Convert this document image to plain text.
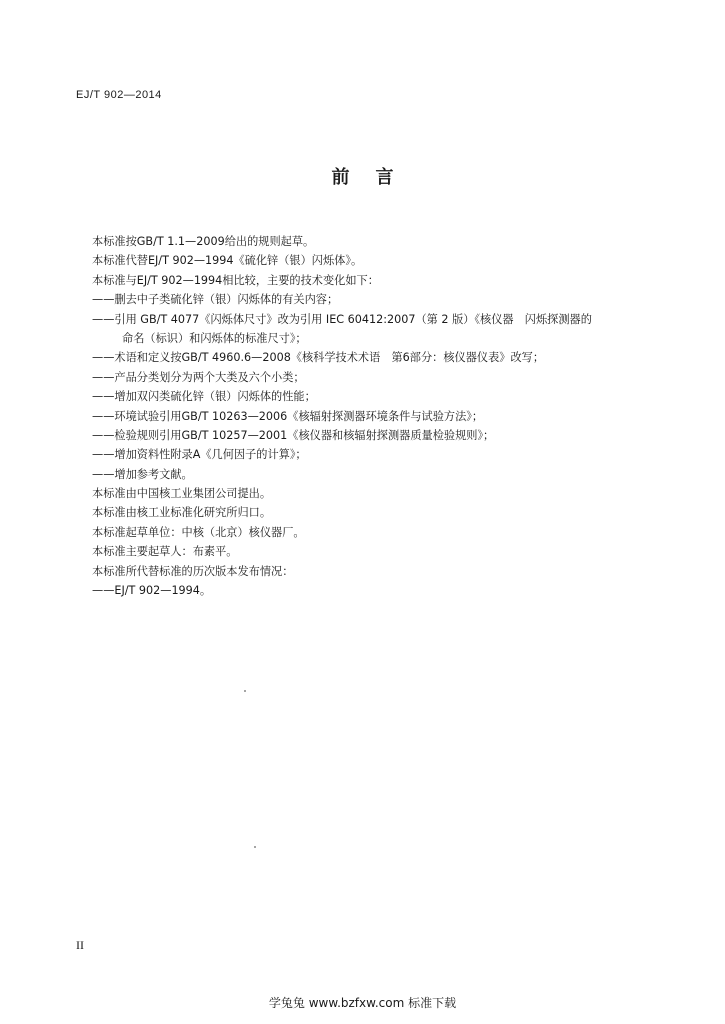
EJ/T 902—2014
前言
本标准按GB/T 1.1—2009给出的规则起草。
本标准代替EJ/T 902—1994《硫化锌（银）闪烁体》。
本标准与EJ/T 902—1994相比较，主要的技术变化如下：
——删去中子类硫化锌（银）闪烁体的有关内容；
——引用 GB/T 4077《闪烁体尺寸》改为引用 IEC 60412:2007（第 2 版）《核仪器　闪烁探测器的
命名（标识）和闪烁体的标准尺寸》；
——术语和定义按GB/T 4960.6—2008《核科学技术术语　第6部分：核仪器仪表》改写；
——产品分类划分为两个大类及六个小类；
——增加双闪类硫化锌（银）闪烁体的性能；
——环境试验引用GB/T 10263—2006《核辐射探测器环境条件与试验方法》；
——检验规则引用GB/T 10257—2001《核仪器和核辐射探测器质量检验规则》；
——增加资料性附录A《几何因子的计算》；
——增加参考文献。
本标准由中国核工业集团公司提出。
本标准由核工业标准化研究所归口。
本标准起草单位：中核（北京）核仪器厂。
本标准主要起草人：布素平。
本标准所代替标准的历次版本发布情况：
——EJ/T 902—1994。
II
学兔兔 www.bzfxw.com 标准下载
